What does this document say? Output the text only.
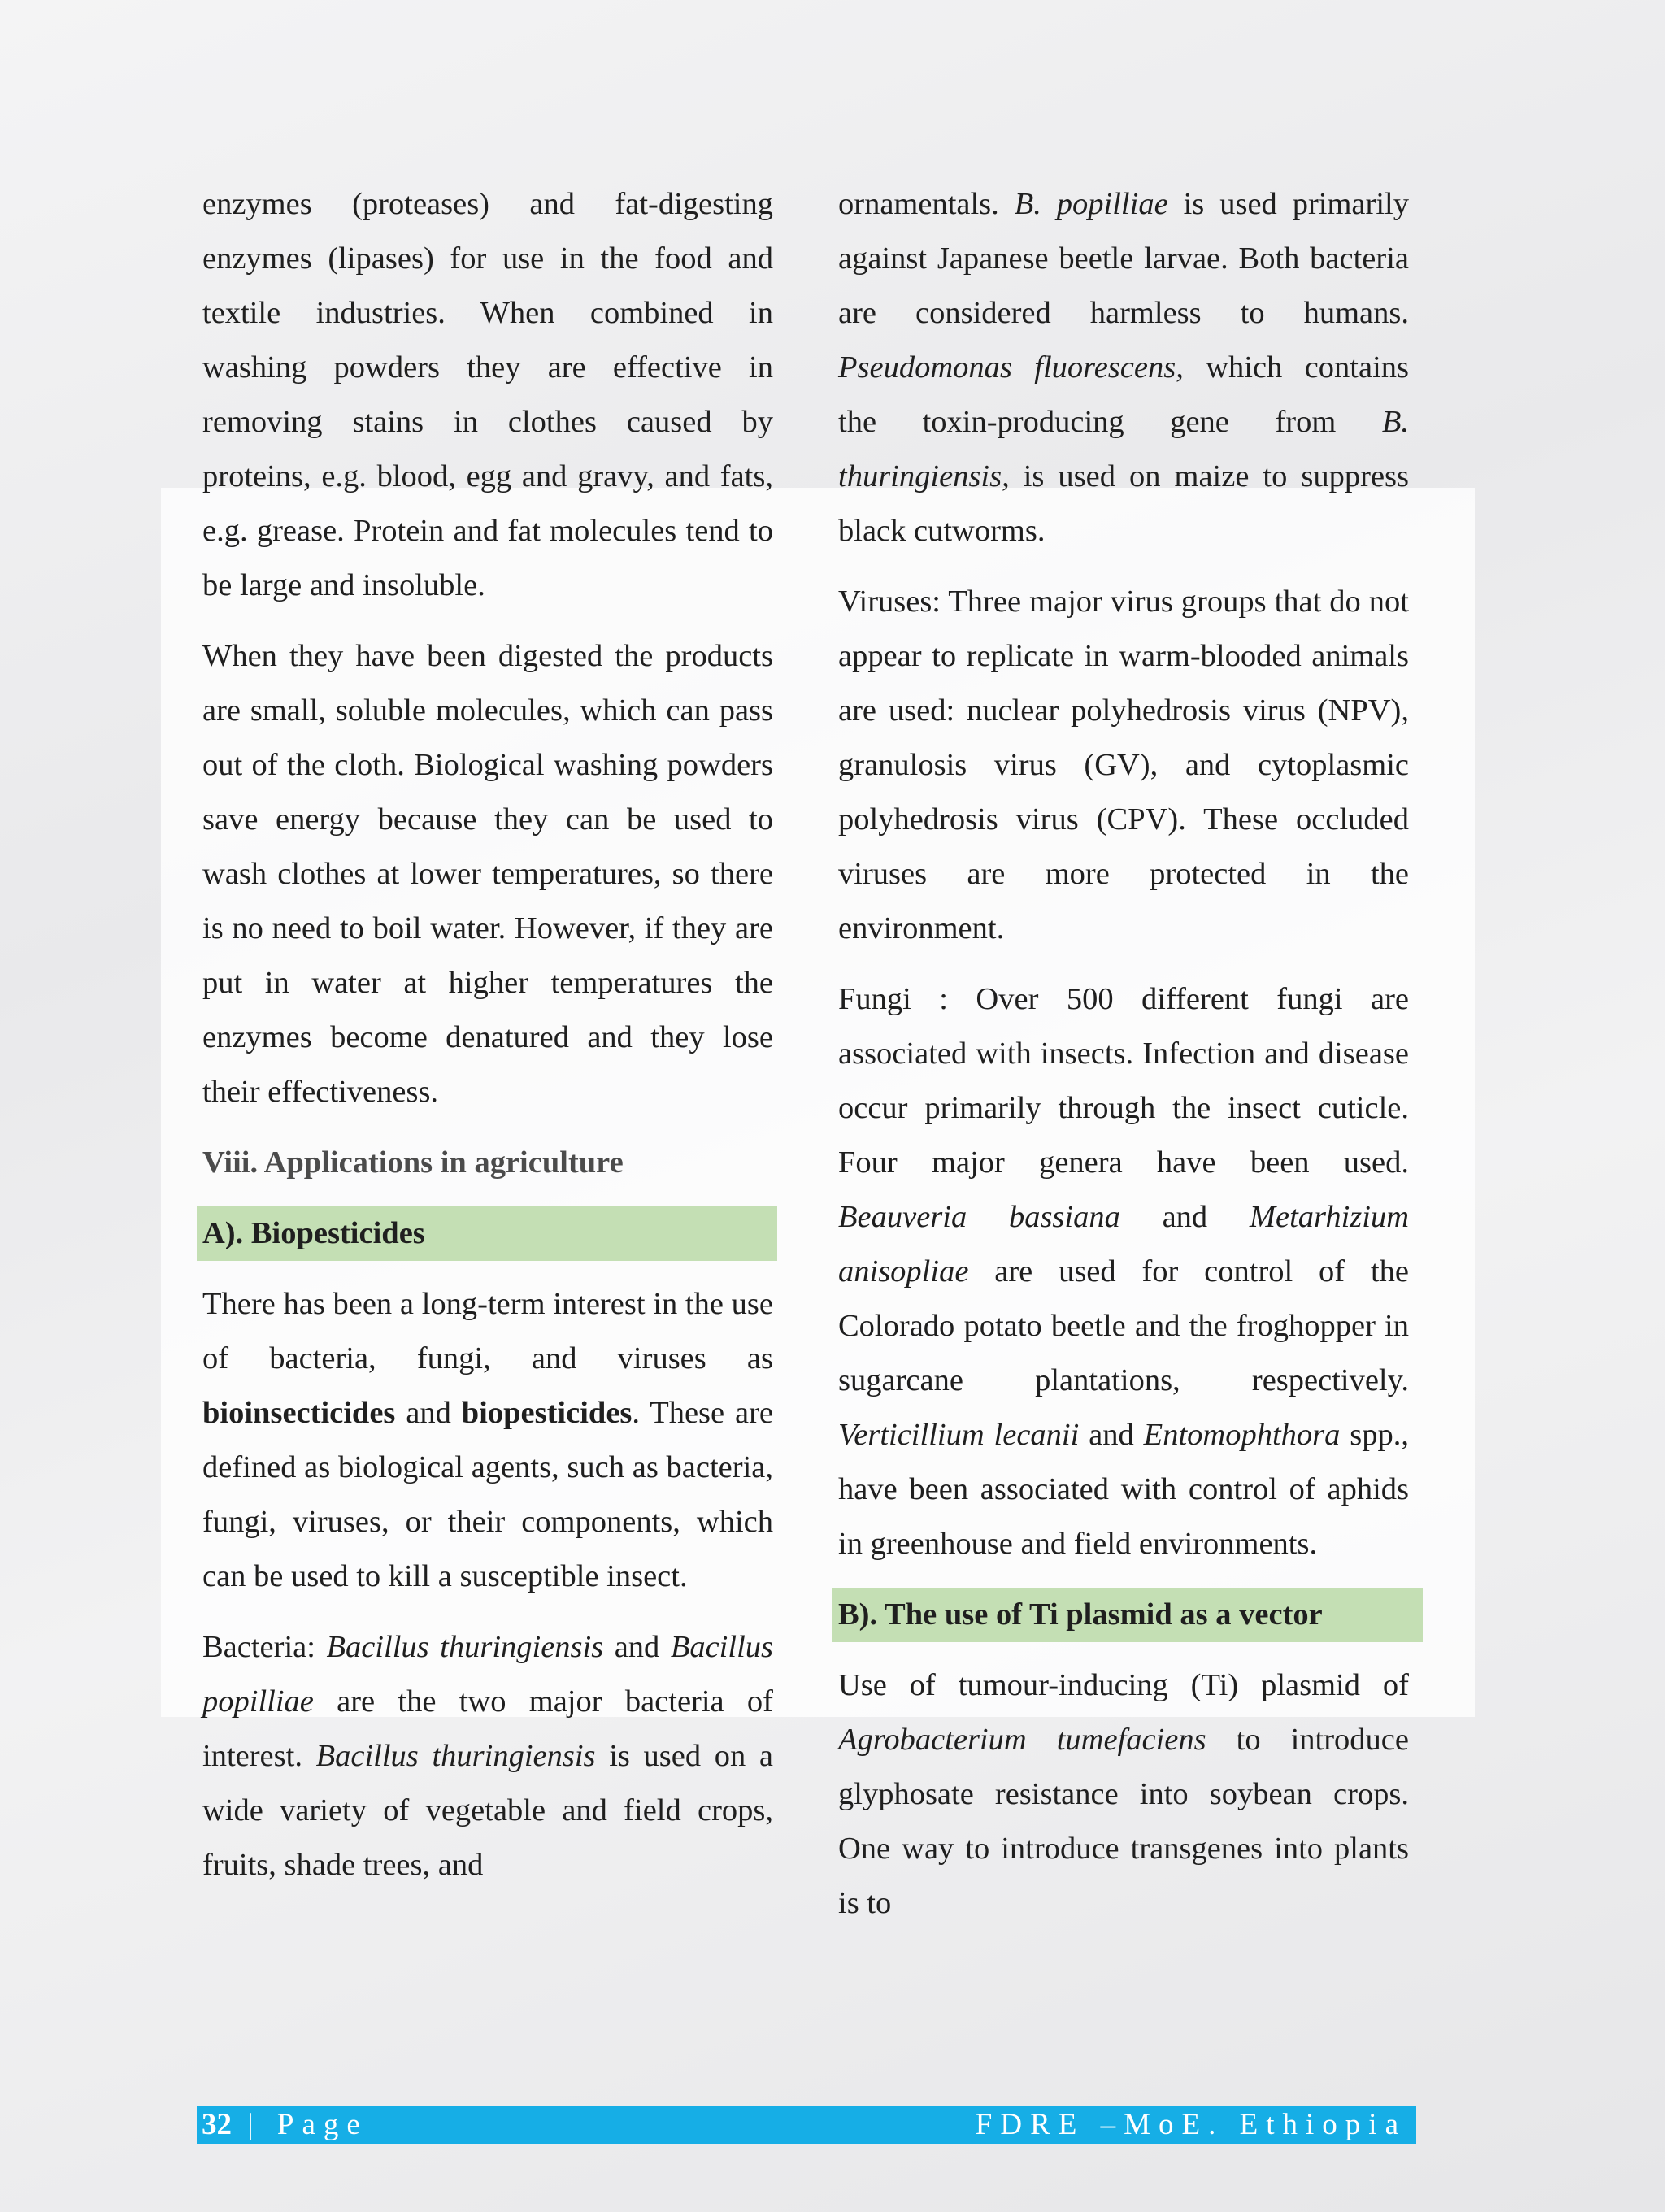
enzymes (proteases) and fat-digesting enzymes (lipases) for use in the food and textile industries. When combined in washing powders they are effective in removing stains in clothes caused by proteins, e.g. blood, egg and gravy, and fats, e.g. grease. Protein and fat molecules tend to be large and insoluble.

When they have been digested the products are small, soluble molecules, which can pass out of the cloth. Biological washing powders save energy because they can be used to wash clothes at lower temperatures, so there is no need to boil water. However, if they are put in water at higher temperatures the enzymes become denatured and they lose their effectiveness.

Viii. Applications in agriculture
A). Biopesticides

There has been a long-term interest in the use of bacteria, fungi, and viruses as bioinsecticides and biopesticides. These are defined as biological agents, such as bacteria, fungi, viruses, or their components, which can be used to kill a susceptible insect.

Bacteria: Bacillus thuringiensis and Bacillus popilliae are the two major bacteria of interest. Bacillus thuringiensis is used on a wide variety of vegetable and field crops, fruits, shade trees, and

ornamentals. B. popilliae is used primarily against Japanese beetle larvae. Both bacteria are considered harmless to humans. Pseudomonas fluorescens, which contains the toxin-producing gene from B. thuringiensis, is used on maize to suppress black cutworms.

Viruses: Three major virus groups that do not appear to replicate in warm-blooded animals are used: nuclear polyhedrosis virus (NPV), granulosis virus (GV), and cytoplasmic polyhedrosis virus (CPV). These occluded viruses are more protected in the environment.

Fungi : Over 500 different fungi are associated with insects. Infection and disease occur primarily through the insect cuticle. Four major genera have been used. Beauveria bassiana and Metarhizium anisopliae are used for control of the Colorado potato beetle and the froghopper in sugarcane plantations, respectively. Verticillium lecanii and Entomophthora spp., have been associated with control of aphids in greenhouse and field environments.

B). The use of Ti plasmid as a vector

Use of tumour-inducing (Ti) plasmid of Agrobacterium tumefaciens to introduce glyphosate resistance into soybean crops. One way to introduce transgenes into plants is to

32 | Page	FDRE –MoE. Ethiopia
